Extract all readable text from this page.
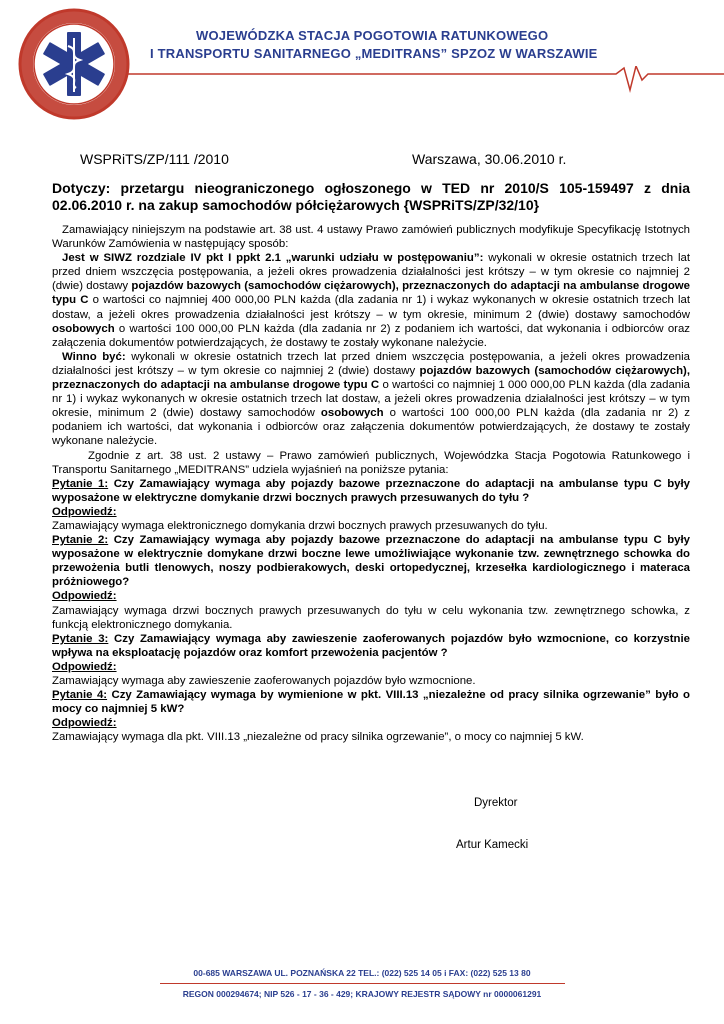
WOJEWÓDZKA STACJA POGOTOWIA RATUNKOWEGO
I TRANSPORTU SANITARNEGO „MEDITRANS” SPZOZ W WARSZAWIE
WSPRiTS/ZP/111 /2010	Warszawa, 30.06.2010 r.
Dotyczy: przetargu nieograniczonego ogłoszonego w TED nr 2010/S 105-159497 z dnia 02.06.2010 r. na zakup samochodów półciężarowych {WSPRiTS/ZP/32/10}

Zamawiający niniejszym na podstawie art. 38 ust. 4 ustawy Prawo zamówień publicznych modyfikuje Specyfikację Istotnych Warunków Zamówienia w następujący sposób:

Jest w SIWZ rozdziale IV pkt I ppkt 2.1 „warunki udziału w postępowaniu”: wykonali w okresie ostatnich trzech lat przed dniem wszczęcia postępowania, a jeżeli okres prowadzenia działalności jest krótszy – w tym okresie co najmniej 2 (dwie) dostawy pojazdów bazowych (samochodów ciężarowych), przeznaczonych do adaptacji na ambulanse drogowe typu C o wartości co najmniej 400 000,00 PLN każda (dla zadania nr 1) i wykaz wykonanych w okresie ostatnich trzech lat dostaw, a jeżeli okres prowadzenia działalności jest krótszy – w tym okresie, minimum 2 (dwie) dostawy samochodów osobowych o wartości 100 000,00 PLN każda (dla zadania nr 2) z podaniem ich wartości, dat wykonania i odbiorców oraz załączenia dokumentów potwierdzających, że dostawy te zostały wykonane należycie.

Winno być: wykonali w okresie ostatnich trzech lat przed dniem wszczęcia postępowania, a jeżeli okres prowadzenia działalności jest krótszy – w tym okresie co najmniej 2 (dwie) dostawy pojazdów bazowych (samochodów ciężarowych), przeznaczonych do adaptacji na ambulanse drogowe typu C o wartości co najmniej 1 000 000,00 PLN każda (dla zadania nr 1) i wykaz wykonanych w okresie ostatnich trzech lat dostaw, a jeżeli okres prowadzenia działalności jest krótszy – w tym okresie, minimum 2 (dwie) dostawy samochodów osobowych o wartości 100 000,00 PLN każda (dla zadania nr 2) z podaniem ich wartości, dat wykonania i odbiorców oraz załączenia dokumentów potwierdzających, że dostawy te zostały wykonane należycie.

Zgodnie z art. 38 ust. 2 ustawy – Prawo zamówień publicznych, Wojewódzka Stacja Pogotowia Ratunkowego i Transportu Sanitarnego „MEDITRANS” udziela wyjaśnień na poniższe pytania:

Pytanie 1: Czy Zamawiający wymaga aby pojazdy bazowe przeznaczone do adaptacji na ambulanse typu C były wyposażone w elektryczne domykanie drzwi bocznych prawych przesuwanych do tyłu ?

Odpowiedź:

Zamawiający wymaga elektronicznego domykania drzwi bocznych prawych przesuwanych do tyłu.

Pytanie 2: Czy Zamawiający wymaga aby pojazdy bazowe przeznaczone do adaptacji na ambulanse typu C były wyposażone w elektrycznie domykane drzwi boczne lewe umożliwiające wykonanie tzw. zewnętrznego schowka do przewożenia butli tlenowych, noszy podbierakowych, deski ortopedycznej, krzesełka kardiologicznego i materaca próżniowego?

Odpowiedź:

Zamawiający wymaga drzwi bocznych prawych przesuwanych do tyłu w celu wykonania tzw. zewnętrznego schowka, z funkcją elektronicznego domykania.

Pytanie 3: Czy Zamawiający wymaga aby zawieszenie zaoferowanych pojazdów było wzmocnione, co korzystnie wpływa na eksploatację pojazdów oraz komfort przewożenia pacjentów ?

Odpowiedź:

Zamawiający wymaga aby zawieszenie zaoferowanych pojazdów było wzmocnione.

Pytanie 4: Czy Zamawiający wymaga by wymienione w pkt. VIII.13 „niezależne od pracy silnika ogrzewanie” było o mocy co najmniej 5 kW?

Odpowiedź:

Zamawiający wymaga dla pkt. VIII.13 „niezależne od pracy silnika ogrzewanie”, o mocy co najmniej 5 kW.

Dyrektor
Artur Kamecki
00-685 WARSZAWA UL. POZNAŃSKA 22 TEL.: (022) 525 14 05 i FAX: (022) 525 13 80
REGON 000294674; NIP 526 - 17 - 36 - 429; KRAJOWY REJESTR SĄDOWY nr 0000061291
